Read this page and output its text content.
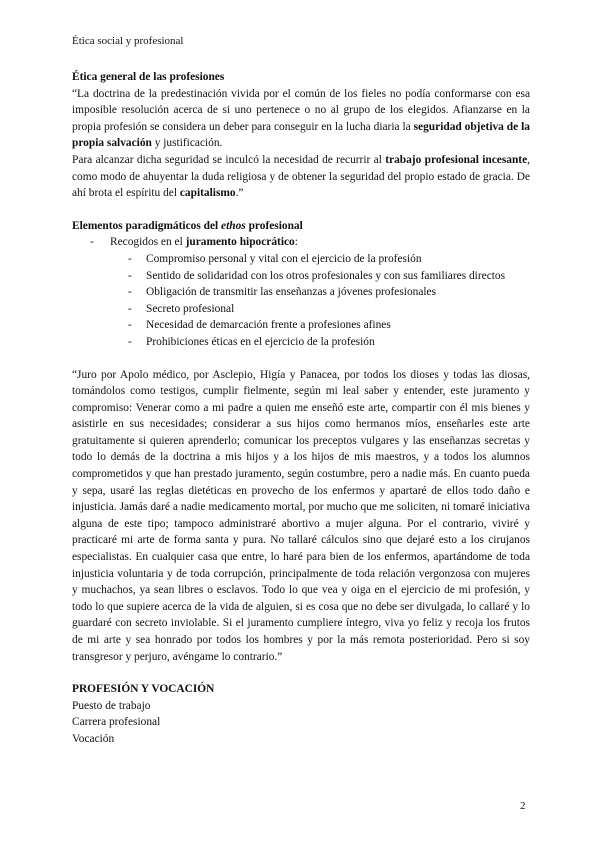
Ética social y profesional

Ética general de las profesiones

“La doctrina de la predestinación vivida por el común de los fieles no podía conformarse con esa imposible resolución acerca de si uno pertenece o no al grupo de los elegidos. Afianzarse en la propia profesión se considera un deber para conseguir en la lucha diaria la seguridad objetiva de la propia salvación y justificación.

Para alcanzar dicha seguridad se inculcó la necesidad de recurrir al trabajo profesional incesante, como modo de ahuyentar la duda religiosa y de obtener la seguridad del propio estado de gracia. De ahí brota el espíritu del capitalismo.”

Elementos paradigmáticos del ethos profesional

- Recogidos en el juramento hipocrático:
- Compromiso personal y vital con el ejercicio de la profesión
- Sentido de solidaridad con los otros profesionales y con sus familiares directos
- Obligación de transmitir las enseñanzas a jóvenes profesionales
- Secreto profesional
- Necesidad de demarcación frente a profesiones afines
- Prohibiciones éticas en el ejercicio de la profesión

“Juro por Apolo médico, por Asclepio, Higía y Panacea, por todos los dioses y todas las diosas, tomándolos como testigos, cumplir fielmente, según mi leal saber y entender, este juramento y compromiso: Venerar como a mi padre a quien me enseñó este arte, compartir con él mis bienes y asistirle en sus necesidades; considerar a sus hijos como hermanos míos, enseñarles este arte gratuitamente si quieren aprenderlo; comunicar los preceptos vulgares y las enseñanzas secretas y todo lo demás de la doctrina a mis hijos y a los hijos de mis maestros, y a todos los alumnos comprometidos y que han prestado juramento, según costumbre, pero a nadie más. En cuanto pueda y sepa, usaré las reglas dietéticas en provecho de los enfermos y apartaré de ellos todo daño e injusticia. Jamás daré a nadie medicamento mortal, por mucho que me soliciten, ni tomaré iniciativa alguna de este tipo; tampoco administraré abortivo a mujer alguna. Por el contrario, viviré y practicaré mi arte de forma santa y pura. No tallaré cálculos sino que dejaré esto a los cirujanos especialistas. En cualquier casa que entre, lo haré para bien de los enfermos, apartándome de toda injusticia voluntaria y de toda corrupción, principalmente de toda relación vergonzosa con mujeres y muchachos, ya sean libres o esclavos. Todo lo que vea y oiga en el ejercicio de mi profesión, y todo lo que supiere acerca de la vida de alguien, si es cosa que no debe ser divulgada, lo callaré y lo guardaré con secreto inviolable. Si el juramento cumpliere íntegro, viva yo feliz y recoja los frutos de mi arte y sea honrado por todos los hombres y por la más remota posterioridad. Pero si soy transgresor y perjuro, avéngame lo contrario.”

PROFESIÓN Y VOCACIÓN

Puesto de trabajo

Carrera profesional

Vocación

2
